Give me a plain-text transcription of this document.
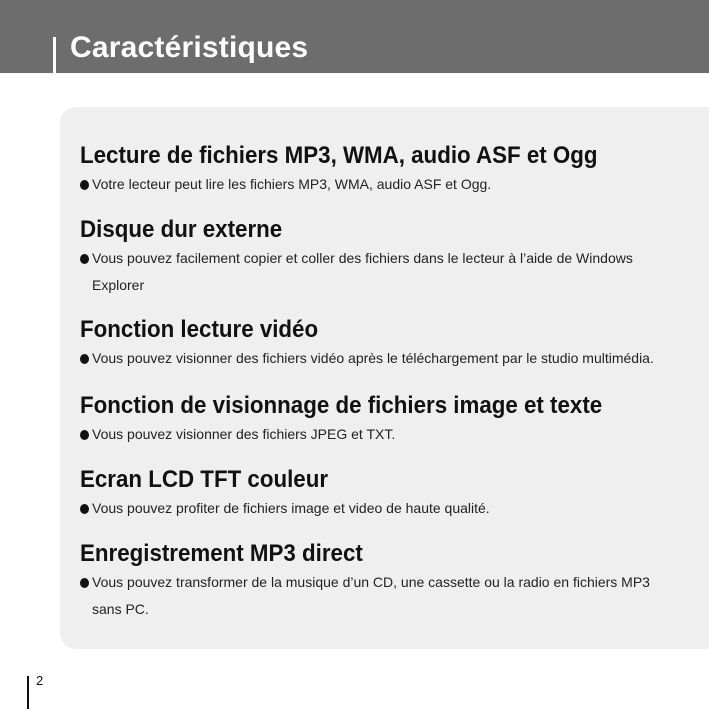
Caractéristiques
Lecture de fichiers MP3, WMA, audio ASF et Ogg
Votre lecteur peut lire les fichiers MP3, WMA, audio ASF et Ogg.
Disque dur externe
Vous pouvez facilement copier et coller des fichiers dans le lecteur à l’aide de Windows
Explorer
Fonction lecture vidéo
Vous pouvez visionner des fichiers vidéo après le téléchargement par le studio multimédia.
Fonction de visionnage de fichiers image et texte
Vous pouvez visionner des fichiers JPEG et TXT.
Ecran LCD TFT couleur
Vous pouvez profiter de fichiers image et video de haute qualité.
Enregistrement MP3 direct
Vous pouvez transformer de la musique d’un CD, une cassette ou la radio en fichiers MP3
sans PC.
2
